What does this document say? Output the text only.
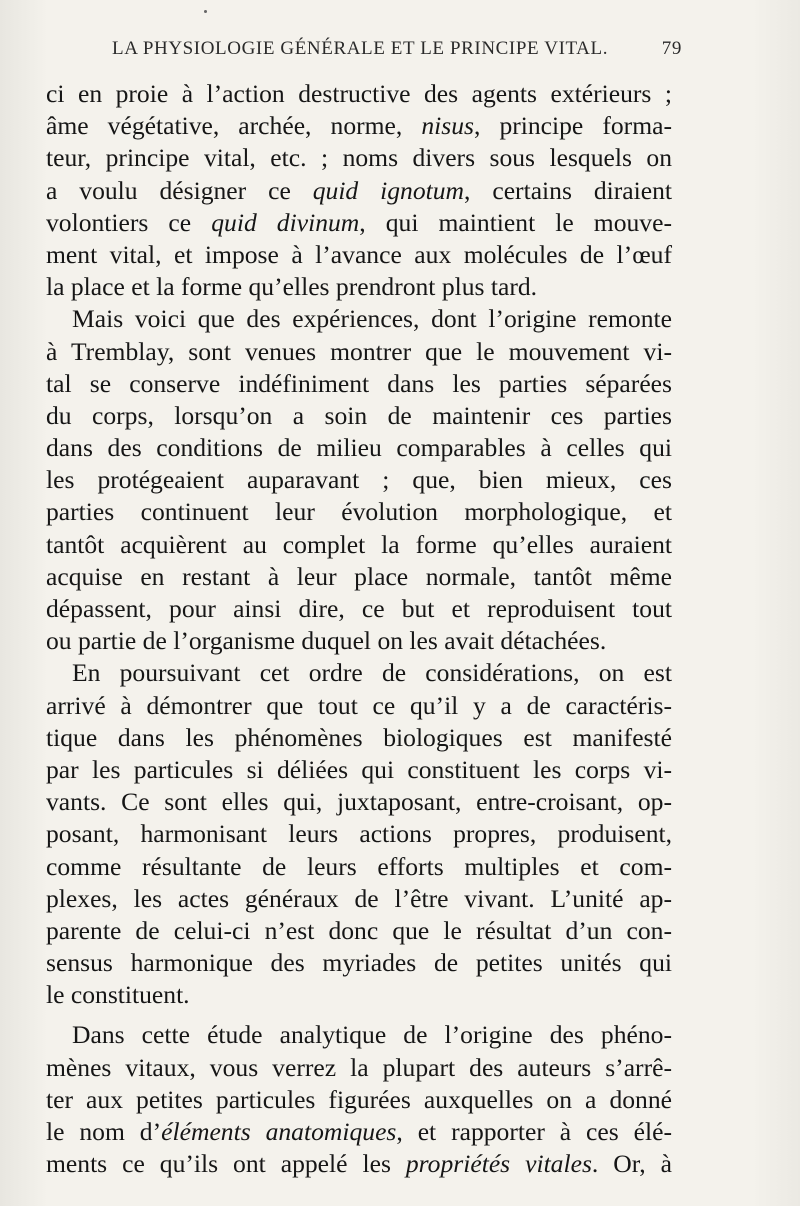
LA PHYSIOLOGIE GÉNÉRALE ET LE PRINCIPE VITAL.	79
ci en proie à l’action destructive des agents extérieurs ;
âme végétative, archée, norme, nisus, principe forma-
teur, principe vital, etc. ; noms divers sous lesquels on
a voulu désigner ce quid ignotum, certains diraient
volontiers ce quid divinum, qui maintient le mouve-
ment vital, et impose à l’avance aux molécules de l’œuf
la place et la forme qu’elles prendront plus tard.
Mais voici que des expériences, dont l’origine remonte
à Tremblay, sont venues montrer que le mouvement vi-
tal se conserve indéfiniment dans les parties séparées
du corps, lorsqu’on a soin de maintenir ces parties
dans des conditions de milieu comparables à celles qui
les protégeaient auparavant ; que, bien mieux, ces
parties continuent leur évolution morphologique, et
tantôt acquièrent au complet la forme qu’elles auraient
acquise en restant à leur place normale, tantôt même
dépassent, pour ainsi dire, ce but et reproduisent tout
ou partie de l’organisme duquel on les avait détachées.
En poursuivant cet ordre de considérations, on est
arrivé à démontrer que tout ce qu’il y a de caractéris-
tique dans les phénomènes biologiques est manifesté
par les particules si déliées qui constituent les corps vi-
vants. Ce sont elles qui, juxtaposant, entre-croisant, op-
posant, harmonisant leurs actions propres, produisent,
comme résultante de leurs efforts multiples et com-
plexes, les actes généraux de l’être vivant. L’unité ap-
parente de celui-ci n’est donc que le résultat d’un con-
sensus harmonique des myriades de petites unités qui
le constituent.
Dans cette étude analytique de l’origine des phéno-
mènes vitaux, vous verrez la plupart des auteurs s’arrê-
ter aux petites particules figurées auxquelles on a donné
le nom d’éléments anatomiques, et rapporter à ces élé-
ments ce qu’ils ont appelé les propriétés vitales. Or, à
